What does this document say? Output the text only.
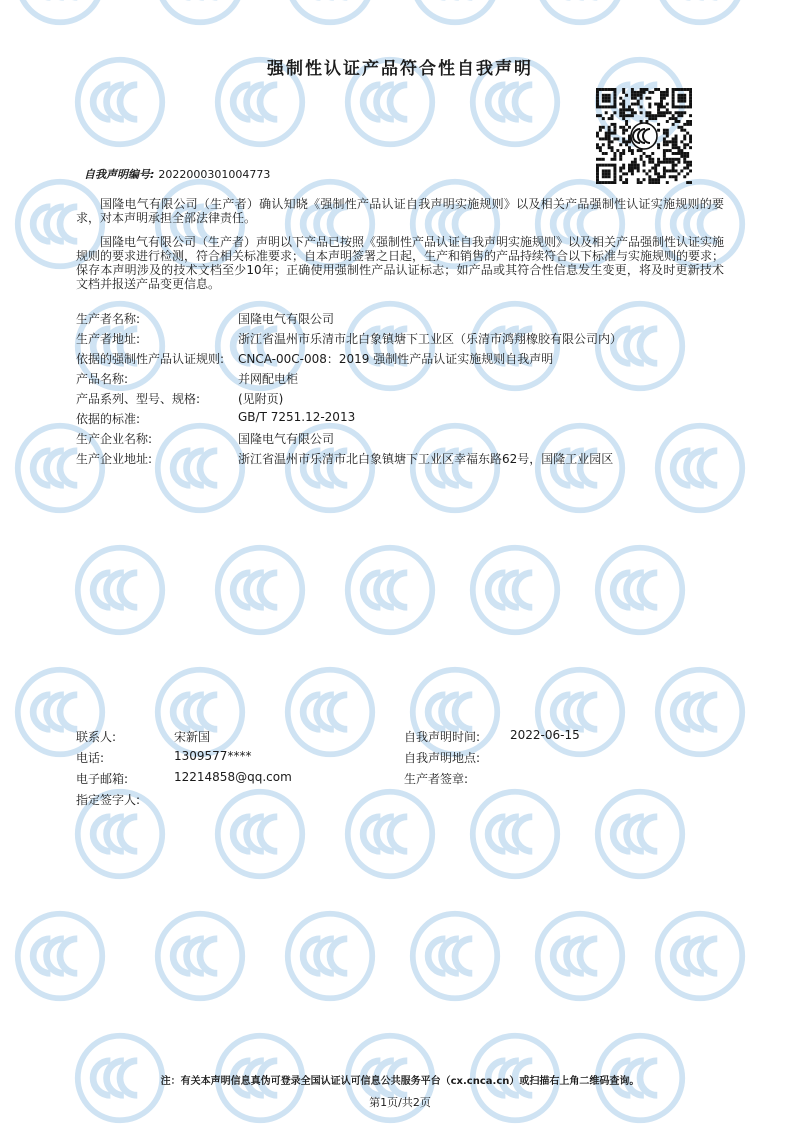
强制性认证产品符合性自我声明
自我声明编号: 2022000301004773
国隆电气有限公司（生产者）确认知晓《强制性产品认证自我声明实施规则》以及相关产品强制性认证实施规则的要求，对本声明承担全部法律责任。
国隆电气有限公司（生产者）声明以下产品已按照《强制性产品认证自我声明实施规则》以及相关产品强制性认证实施规则的要求进行检测，符合相关标准要求；自本声明签署之日起，生产和销售的产品持续符合以下标准与实施规则的要求；保存本声明涉及的技术文档至少10年；正确使用强制性产品认证标志；如产品或其符合性信息发生变更，将及时更新技术文档并报送产品变更信息。
生产者名称:	国隆电气有限公司
生产者地址:	浙江省温州市乐清市北白象镇塘下工业区（乐清市鸿翔橡胶有限公司内）
依据的强制性产品认证规则: CNCA-00C-008：2019 强制性产品认证实施规则自我声明
产品名称:	并网配电柜
产品系列、型号、规格:	(见附页)
依据的标准:	GB/T 7251.12-2013
生产企业名称:	国隆电气有限公司
生产企业地址:	浙江省温州市乐清市北白象镇塘下工业区幸福东路62号，国隆工业园区
联系人:	宋新国
电话:	1309577****
电子邮箱:	12214858@qq.com
指定签字人:
自我声明时间: 2022-06-15
自我声明地点:
生产者签章:
注：有关本声明信息真伪可登录全国认证认可信息公共服务平台（cx.cnca.cn）或扫描右上角二维码查询。
第1页/共2页
